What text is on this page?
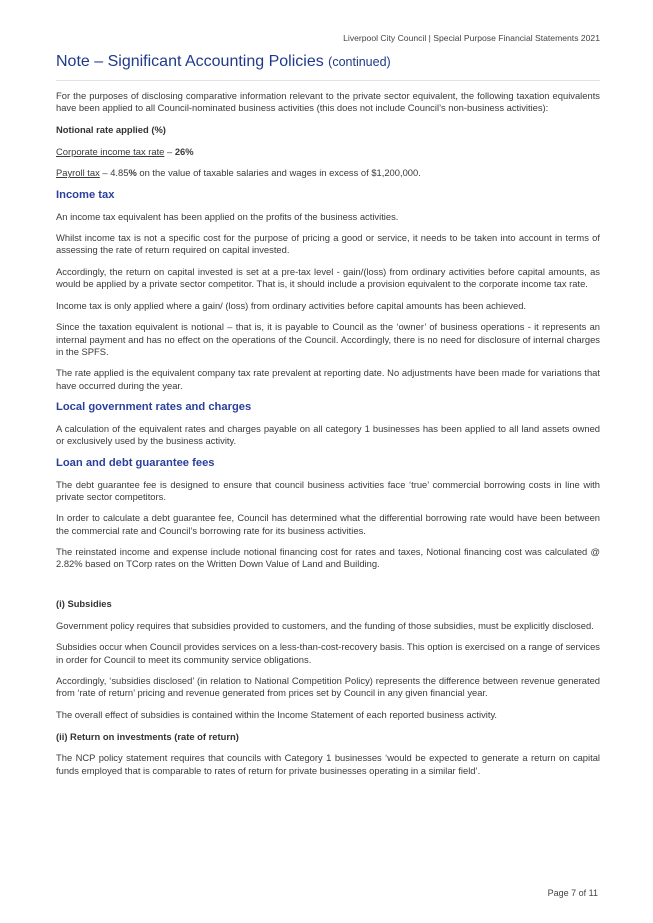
Liverpool City Council | Special Purpose Financial Statements 2021
Note – Significant Accounting Policies (continued)

For the purposes of disclosing comparative information relevant to the private sector equivalent, the following taxation equivalents have been applied to all Council-nominated business activities (this does not include Council’s non-business activities):

Notional rate applied (%)

Corporate income tax rate – 26%

Payroll tax – 4.85% on the value of taxable salaries and wages in excess of $1,200,000.

Income tax

An income tax equivalent has been applied on the profits of the business activities.

Whilst income tax is not a specific cost for the purpose of pricing a good or service, it needs to be taken into account in terms of assessing the rate of return required on capital invested.

Accordingly, the return on capital invested is set at a pre-tax level - gain/(loss) from ordinary activities before capital amounts, as would be applied by a private sector competitor. That is, it should include a provision equivalent to the corporate income tax rate.

Income tax is only applied where a gain/ (loss) from ordinary activities before capital amounts has been achieved.

Since the taxation equivalent is notional – that is, it is payable to Council as the ‘owner’ of business operations - it represents an internal payment and has no effect on the operations of the Council. Accordingly, there is no need for disclosure of internal charges in the SPFS.

The rate applied is the equivalent company tax rate prevalent at reporting date. No adjustments have been made for variations that have occurred during the year.

Local government rates and charges

A calculation of the equivalent rates and charges payable on all category 1 businesses has been applied to all land assets owned or exclusively used by the business activity.

Loan and debt guarantee fees

The debt guarantee fee is designed to ensure that council business activities face ‘true’ commercial borrowing costs in line with private sector competitors.

In order to calculate a debt guarantee fee, Council has determined what the differential borrowing rate would have been between the commercial rate and Council’s borrowing rate for its business activities.

The reinstated income and expense include notional financing cost for rates and taxes, Notional financing cost was calculated @ 2.82% based on TCorp rates on the Written Down Value of Land and Building.

(i) Subsidies

Government policy requires that subsidies provided to customers, and the funding of those subsidies, must be explicitly disclosed.

Subsidies occur when Council provides services on a less-than-cost-recovery basis. This option is exercised on a range of services in order for Council to meet its community service obligations.

Accordingly, ‘subsidies disclosed’ (in relation to National Competition Policy) represents the difference between revenue generated from ‘rate of return’ pricing and revenue generated from prices set by Council in any given financial year.

The overall effect of subsidies is contained within the Income Statement of each reported business activity.

(ii) Return on investments (rate of return)

The NCP policy statement requires that councils with Category 1 businesses ‘would be expected to generate a return on capital funds employed that is comparable to rates of return for private businesses operating in a similar field’.

Page 7 of 11
